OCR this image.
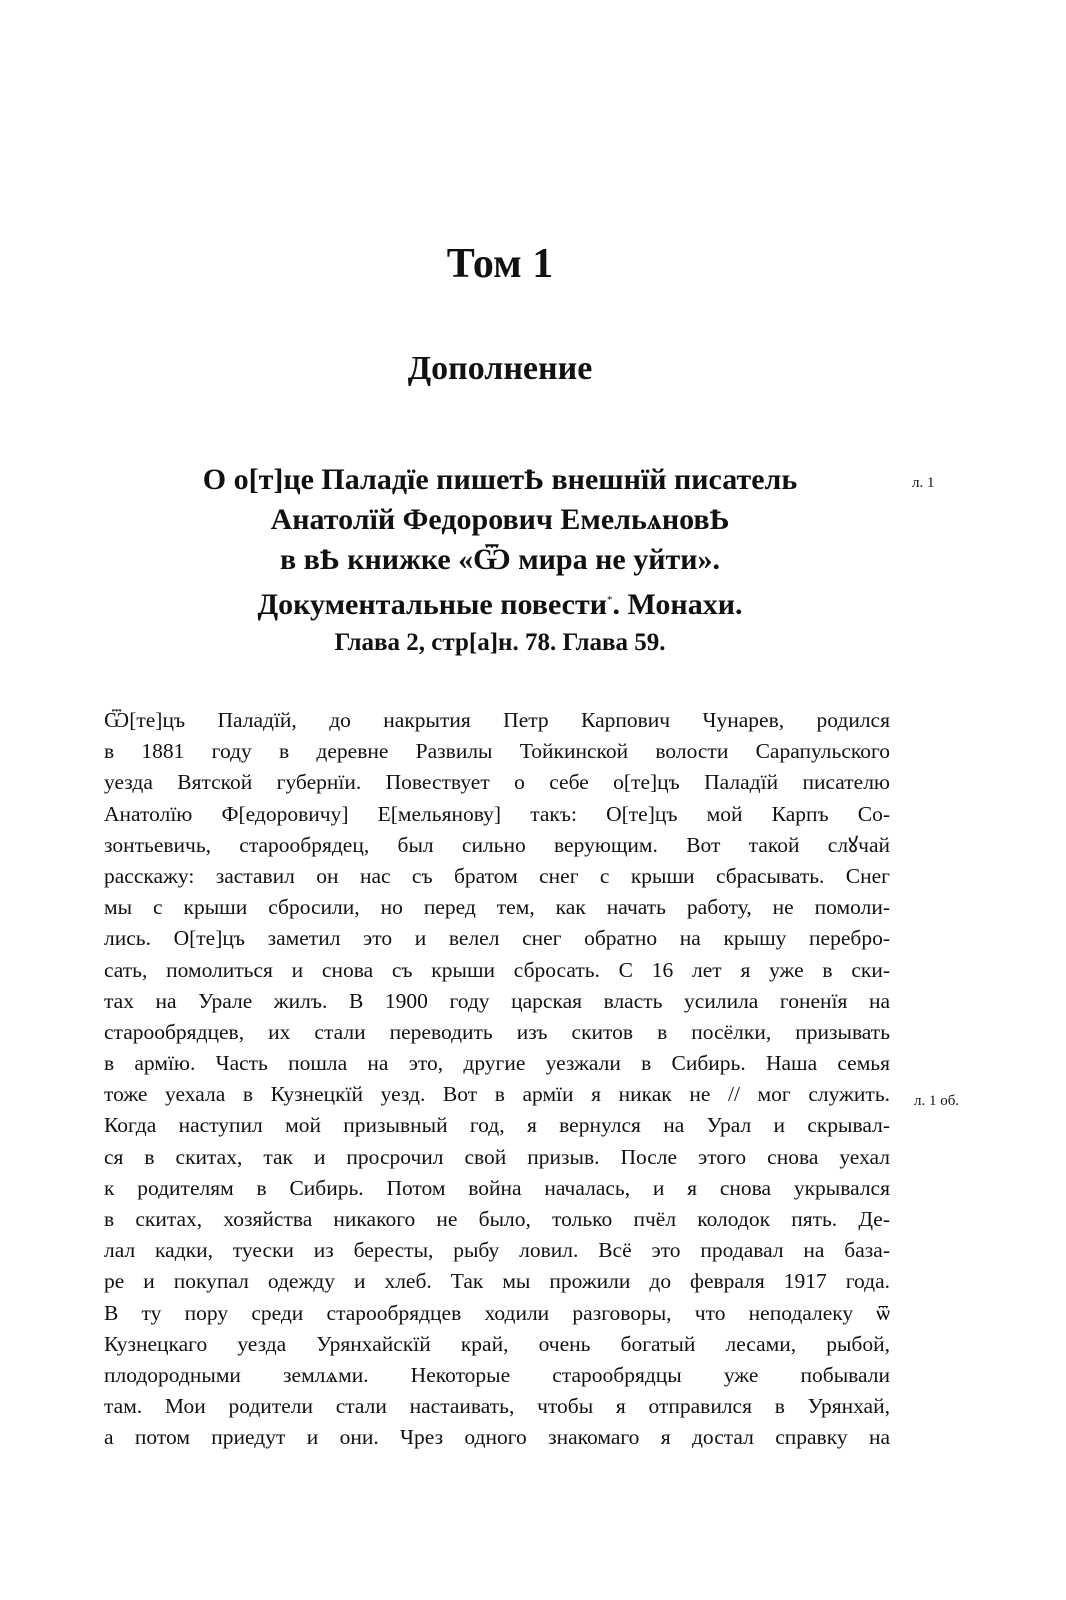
Том 1
Дополнение
О о[т]це Паладїе пишетҌ внешнїй писатель
Анатолїй Федорович ЕмельѧновҌ
в вҌ книжке «Ѿ мира не уйти».
Документальные повести*. Монахи.
Глава 2, стр[а]н. 78. Глава 59.
л. 1
л. 1 об.
Ѿ[те]цъ Паладїй, до накрытия Петр Карпович Чунарев, родился
в 1881 году в деревне Развилы Тойкинской волости Сарапульского
уезда Вятской губернїи. Повествует о себе о[те]цъ Паладїй писателю
Анатолїю Ф[едоровичу] Е[мельянову] такъ: О[те]цъ мой Карпъ Со-
зонтьевичь, старообрядец, был сильно верующим. Вот такой слꙋчай
расскажу: заставил он нас съ братом снег с крыши сбрасывать. Снег
мы с крыши сбросили, но перед тем, как начать работу, не помоли-
лись. О[те]цъ заметил это и велел снег обратно на крышу перебро-
сать, помолиться и снова съ крыши сбросать. С 16 лет я уже в ски-
тах на Урале жилъ. В 1900 году царская власть усилила гоненїя на
старообрядцев, их стали переводить изъ скитов в посёлки, призывать
в армїю. Часть пошла на это, другие уезжали в Сибирь. Наша семья
тоже уехала в Кузнецкїй уезд. Вот в армїи я никак не // мог служить.
Когда наступил мой призывный год, я вернулся на Урал и скрывал-
ся в скитах, так и просрочил свой призыв. После этого снова уехал
к родителям в Сибирь. Потом война началась, и я снова укрывался
в скитах, хозяйства никакого не было, только пчёл колодок пять. Де-
лал кадки, туески из бересты, рыбу ловил. Всё это продавал на база-
ре и покупал одежду и хлеб. Так мы прожили до февраля 1917 года.
В ту пору среди старообрядцев ходили разговоры, что неподалеку ѿ
Кузнецкаго уезда Урянхайскїй край, очень богатый лесами, рыбой,
плодородными землѧми. Некоторые старообрядцы уже побывали
там. Мои родители стали настаивать, чтобы я отправился в Урянхай,
а потом приедут и они. Чрез одного знакомаго я достал справку на
